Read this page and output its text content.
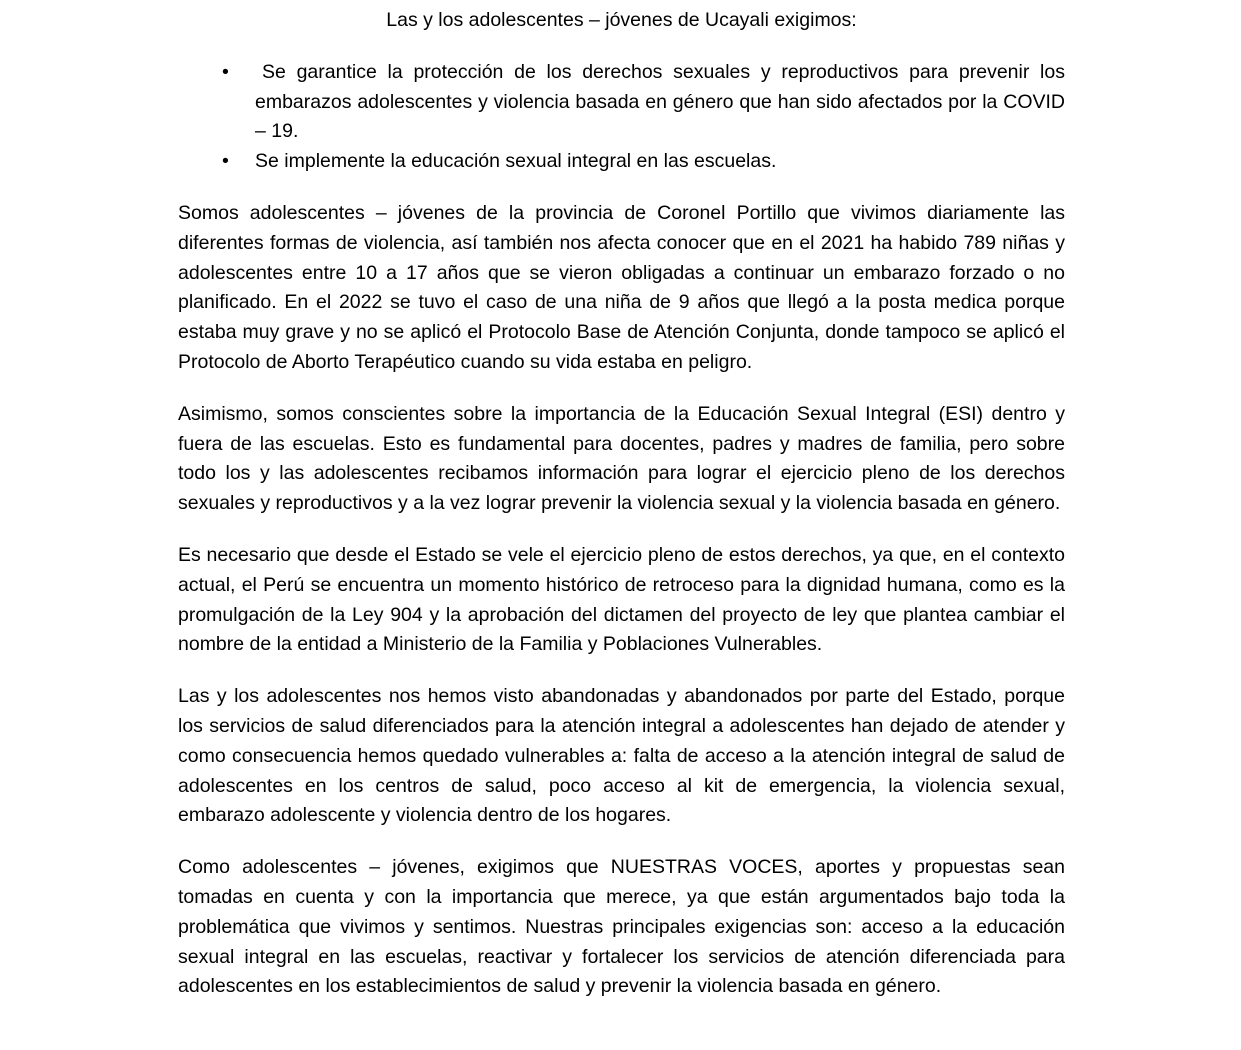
Las y los adolescentes – jóvenes de Ucayali exigimos:
•	Se garantice la protección de los derechos sexuales y reproductivos para prevenir los embarazos adolescentes y violencia basada en género que han sido afectados por la COVID – 19.
•	Se implemente la educación sexual integral en las escuelas.

Somos adolescentes – jóvenes de la provincia de Coronel Portillo que vivimos diariamente las diferentes formas de violencia, así también nos afecta conocer que en el 2021 ha habido 789 niñas y adolescentes entre 10 a 17 años que se vieron obligadas a continuar un embarazo forzado o no planificado. En el 2022 se tuvo el caso de una niña de 9 años que llegó a la posta medica porque estaba muy grave y no se aplicó el Protocolo Base de Atención Conjunta, donde tampoco se aplicó el Protocolo de Aborto Terapéutico cuando su vida estaba en peligro.

Asimismo, somos conscientes sobre la importancia de la Educación Sexual Integral (ESI) dentro y fuera de las escuelas. Esto es fundamental para docentes, padres y madres de familia, pero sobre todo los y las adolescentes recibamos información para lograr el ejercicio pleno de los derechos sexuales y reproductivos y a la vez lograr prevenir la violencia sexual y la violencia basada en género.

Es necesario que desde el Estado se vele el ejercicio pleno de estos derechos, ya que, en el contexto actual, el Perú se encuentra un momento histórico de retroceso para la dignidad humana, como es la promulgación de la Ley 904 y la aprobación del dictamen del proyecto de ley que plantea cambiar el nombre de la entidad a Ministerio de la Familia y Poblaciones Vulnerables.

Las y los adolescentes nos hemos visto abandonadas y abandonados por parte del Estado, porque los servicios de salud diferenciados para la atención integral a adolescentes han dejado de atender y como consecuencia hemos quedado vulnerables a: falta de acceso a la atención integral de salud de adolescentes en los centros de salud, poco acceso al kit de emergencia, la violencia sexual, embarazo adolescente y violencia dentro de los hogares.

Como adolescentes – jóvenes, exigimos que NUESTRAS VOCES, aportes y propuestas sean tomadas en cuenta y con la importancia que merece, ya que están argumentados bajo toda la problemática que vivimos y sentimos. Nuestras principales exigencias son: acceso a la educación sexual integral en las escuelas, reactivar y fortalecer los servicios de atención diferenciada para adolescentes en los establecimientos de salud y prevenir la violencia basada en género.
